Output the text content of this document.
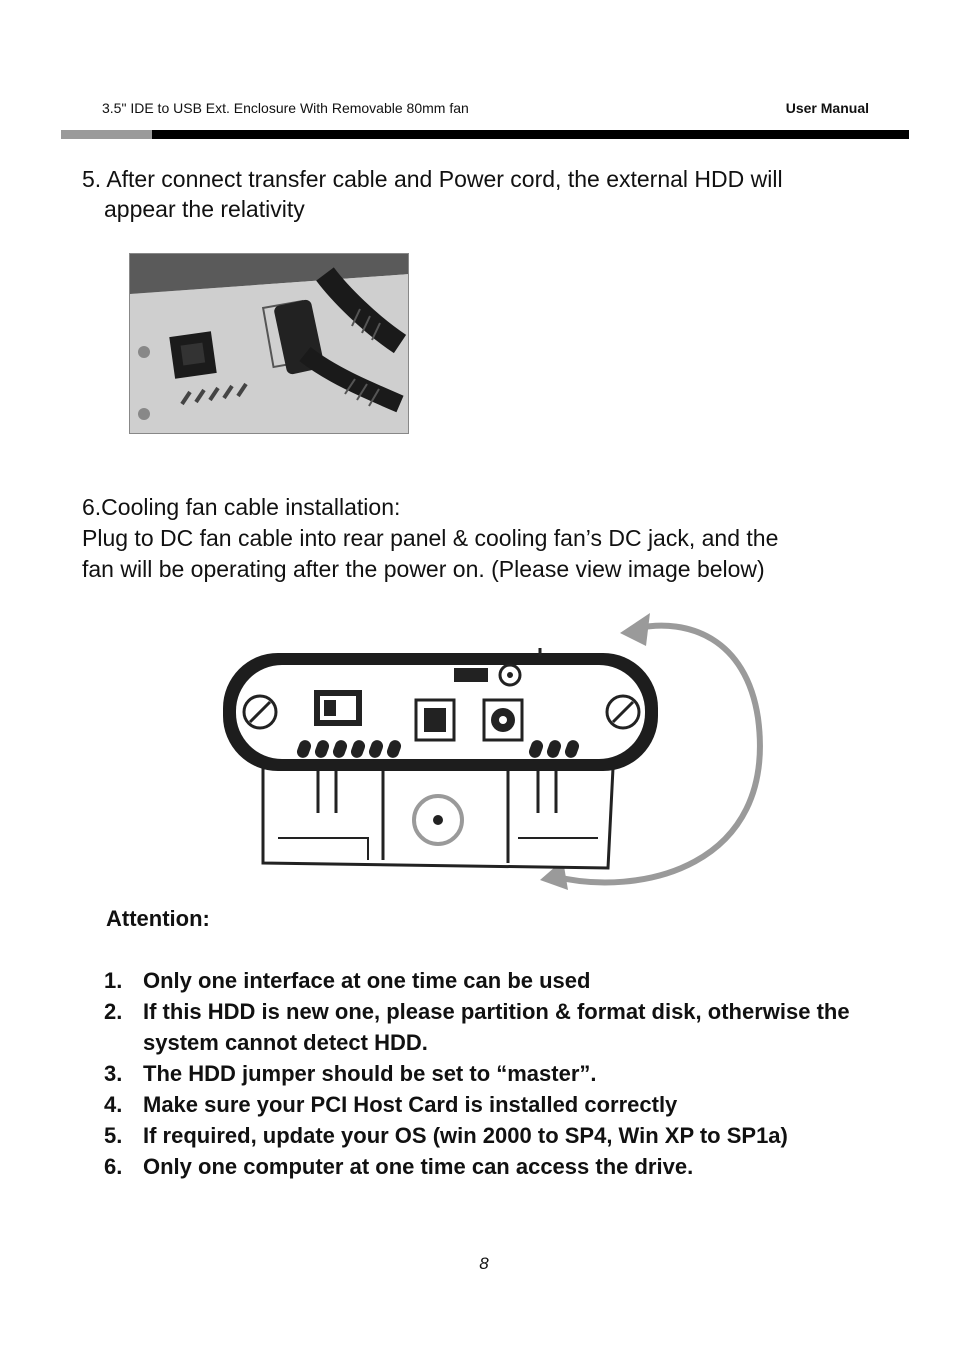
3.5" IDE to USB Ext. Enclosure With Removable 80mm fan	User Manual
5. After connect transfer cable and Power cord, the external HDD will
appear the relativity
6.Cooling fan cable installation:
Plug to DC fan cable into rear panel & cooling fan’s DC jack, and the
fan will be operating after the power on. (Please view image below)
Attention:
1. Only one interface at one time can be used
2. If this HDD is new one, please partition & format disk, otherwise the system cannot detect HDD.
3. The HDD jumper should be set to “master”.
4. Make sure your PCI Host Card is installed correctly
5. If required, update your OS (win 2000 to SP4, Win XP to SP1a)
6. Only one computer at one time can access the drive.
8
